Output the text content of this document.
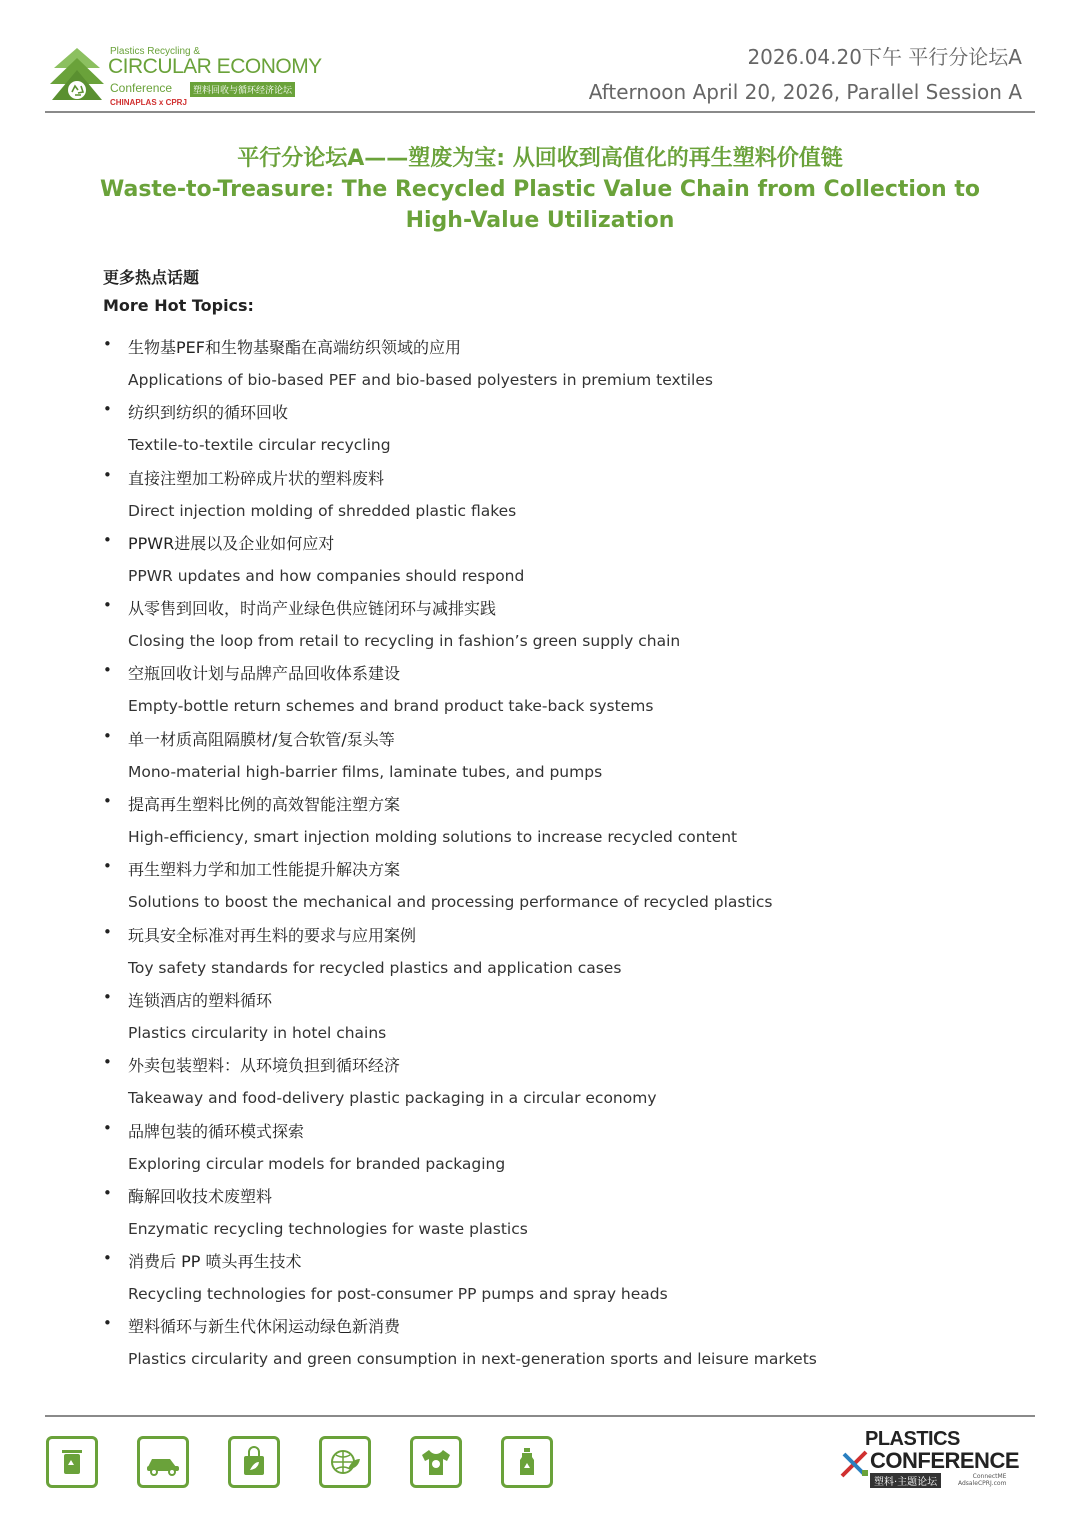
Plastics Recycling &
CIRCULAR ECONOMY
Conference	塑料回收与循环经济论坛
CHINAPLAS x CPRJ
2026.04.20下午 平行分论坛A
Afternoon April 20, 2026, Parallel Session A
平行分论坛A——塑废为宝: 从回收到高值化的再生塑料价值链
Waste-to-Treasure: The Recycled Plastic Value Chain from Collection to
High-Value Utilization
更多热点话题
More Hot Topics:
• 生物基PEF和生物基聚酯在高端纺织领域的应用
Applications of bio-based PEF and bio-based polyesters in premium textiles
• 纺织到纺织的循环回收
Textile-to-textile circular recycling
• 直接注塑加工粉碎成片状的塑料废料
Direct injection molding of shredded plastic flakes
• PPWR进展以及企业如何应对
PPWR updates and how companies should respond
• 从零售到回收，时尚产业绿色供应链闭环与减排实践
Closing the loop from retail to recycling in fashion’s green supply chain
• 空瓶回收计划与品牌产品回收体系建设
Empty-bottle return schemes and brand product take-back systems
• 单一材质高阻隔膜材/复合软管/泵头等
Mono-material high-barrier films, laminate tubes, and pumps
• 提高再生塑料比例的高效智能注塑方案
High-efficiency, smart injection molding solutions to increase recycled content
• 再生塑料力学和加工性能提升解决方案
Solutions to boost the mechanical and processing performance of recycled plastics
• 玩具安全标准对再生料的要求与应用案例
Toy safety standards for recycled plastics and application cases
• 连锁酒店的塑料循环
Plastics circularity in hotel chains
• 外卖包装塑料：从环境负担到循环经济
Takeaway and food-delivery plastic packaging in a circular economy
• 品牌包装的循环模式探索
Exploring circular models for branded packaging
• 酶解回收技术废塑料
Enzymatic recycling technologies for waste plastics
• 消费后 PP 喷头再生技术
Recycling technologies for post-consumer PP pumps and spray heads
• 塑料循环与新生代休闲运动绿色新消费
Plastics circularity and green consumption in next-generation sports and leisure markets
PLASTICS
CONFERENCE
塑料·主题论坛
ConnectME
AdsaleCPRJ.com
